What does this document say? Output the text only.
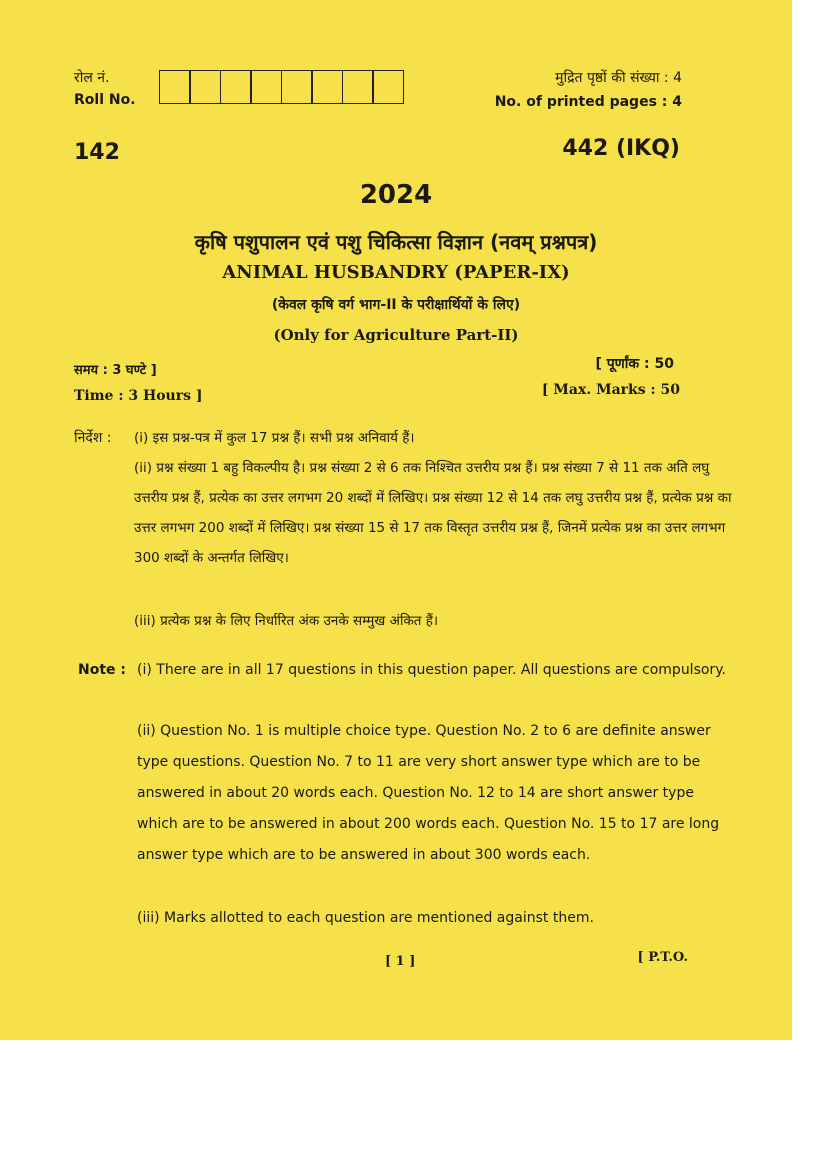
रोल नं.
Roll No.
मुद्रित पृष्ठों की संख्या : 4
No. of printed pages : 4
142	442 (IKQ)
2024
कृषि पशुपालन एवं पशु चिकित्सा विज्ञान (नवम् प्रश्नपत्र)
ANIMAL HUSBANDRY (PAPER-IX)
(केवल कृषि वर्ग भाग-II के परीक्षार्थियों के लिए)
(Only for Agriculture Part-II)
समय : 3 घण्टे ]
Time : 3 Hours ]
[ पूर्णांक : 50
[ Max. Marks : 50
निर्देश : (i) इस प्रश्न-पत्र में कुल 17 प्रश्न हैं। सभी प्रश्न अनिवार्य हैं।
(ii) प्रश्न संख्या 1 बहु विकल्पीय है। प्रश्न संख्या 2 से 6 तक निश्चित उत्तरीय प्रश्न हैं। प्रश्न संख्या 7 से 11 तक अति लघु उत्तरीय प्रश्न हैं, प्रत्येक का उत्तर लगभग 20 शब्दों में लिखिए। प्रश्न संख्या 12 से 14 तक लघु उत्तरीय प्रश्न हैं, प्रत्येक प्रश्न का उत्तर लगभग 200 शब्दों में लिखिए। प्रश्न संख्या 15 से 17 तक विस्तृत उत्तरीय प्रश्न हैं, जिनमें प्रत्येक प्रश्न का उत्तर लगभग 300 शब्दों के अन्तर्गत लिखिए।
(iii) प्रत्येक प्रश्न के लिए निर्धारित अंक उनके सम्मुख अंकित हैं।
Note : (i) There are in all 17 questions in this question paper. All questions are compulsory.
(ii) Question No. 1 is multiple choice type. Question No. 2 to 6 are definite answer type questions. Question No. 7 to 11 are very short answer type which are to be answered in about 20 words each. Question No. 12 to 14 are short answer type which are to be answered in about 200 words each. Question No. 15 to 17 are long answer type which are to be answered in about 300 words each.
(iii) Marks allotted to each question are mentioned against them.
[ 1 ]	[ P.T.O.
